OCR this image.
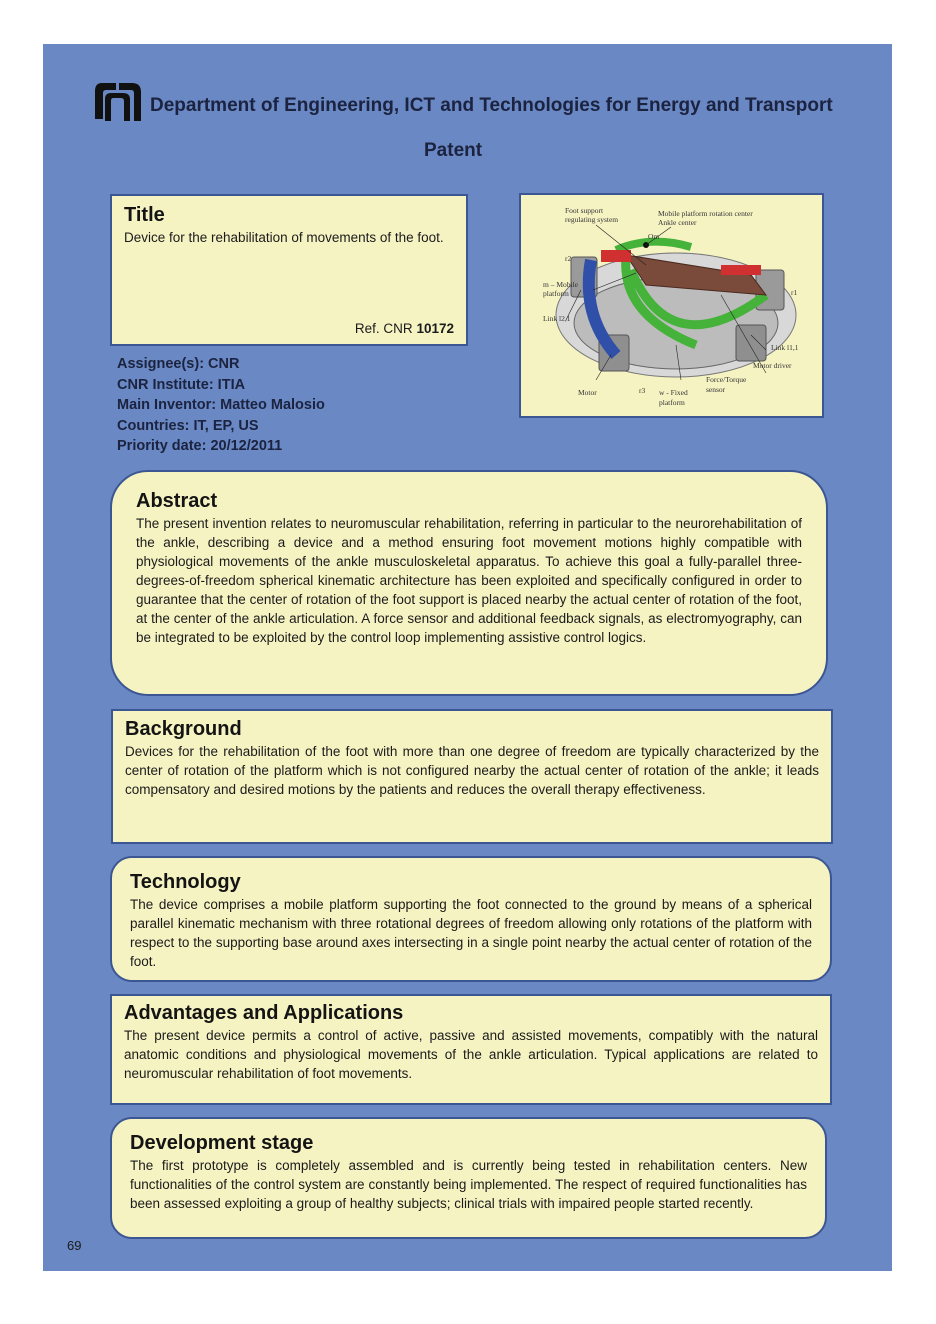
Department of Engineering, ICT and Technologies for Energy and Transport
Patent
Title

Device for the rehabilitation of movements of the foot.

Ref. CNR 10172
Foot support
regulating system
Mobile platform rotation center
Ankle center
Om
r2
m – Mobile
platform
Link l2,1
r1
Link l1,1
Motor driver
Force/Torque
sensor
Motor	r3 w - Fixed
platform
Assignee(s): CNR
CNR Institute: ITIA
Main Inventor: Matteo Malosio
Countries: IT, EP, US
Priority date: 20/12/2011
Abstract

The present invention relates to neuromuscular rehabilitation, referring in particular to the neurorehabilitation of the ankle, describing a device and a method ensuring foot movement motions highly compatible with physiological movements of the ankle musculoskeletal apparatus. To achieve this goal a fully-parallel three-degrees-of-freedom spherical kinematic architecture has been exploited and specifically configured in order to guarantee that the center of rotation of the foot support is placed nearby the actual center of rotation of the foot, at the center of the ankle articulation. A force sensor and additional feedback signals, as electromyography, can be integrated to be exploited by the control loop implementing assistive control logics.

Background

Devices for the rehabilitation of the foot with more than one degree of freedom are typically characterized by the center of rotation of the platform which is not configured nearby the actual center of rotation of the ankle; it leads compensatory and desired motions by the patients and reduces the overall therapy effectiveness.

Technology

The device comprises a mobile platform supporting the foot connected to the ground by means of a spherical parallel kinematic mechanism with three rotational degrees of freedom allowing only rotations of the platform with respect to the supporting base around axes intersecting in a single point nearby the actual center of rotation of the foot.

Advantages and Applications

The present device permits a control of active, passive and assisted movements, compatibly with the natural anatomic conditions and physiological movements of the ankle articulation. Typical applications are related to neuromuscular rehabilitation of foot movements.

Development stage

The first prototype is completely assembled and is currently being tested in rehabilitation centers. New functionalities of the control system are constantly being implemented. The respect of required functionalities has been assessed exploiting a group of healthy subjects; clinical trials with impaired people started recently.

69
